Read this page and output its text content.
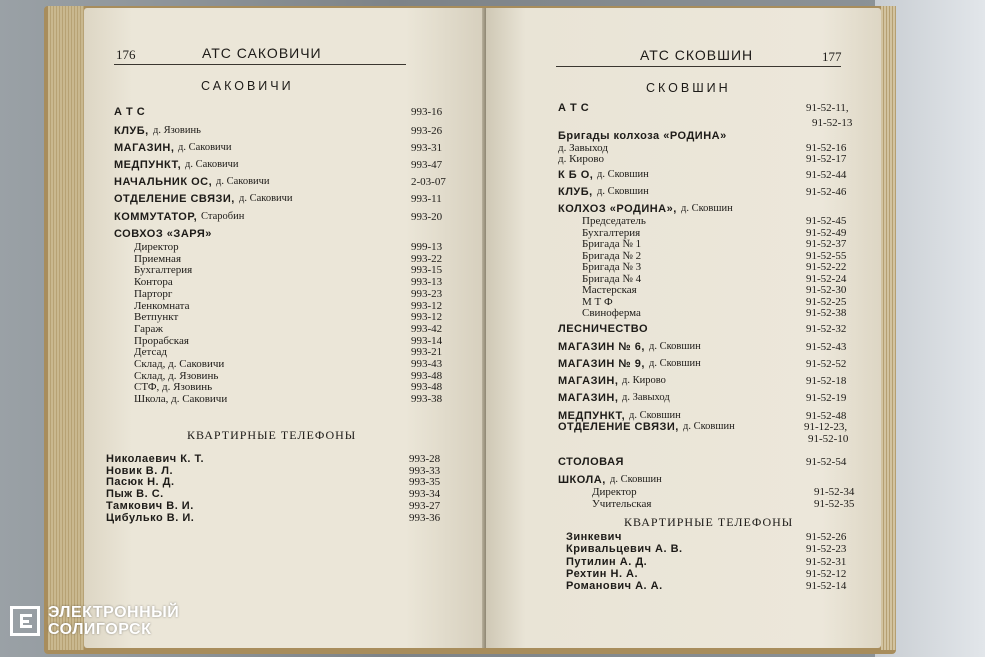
176	АТС САКОВИЧИ
САКОВИЧИ
А Т С	993-16
КЛУБ, д. Язовинь	993-26
МАГАЗИН, д. Саковичи	993-31
МЕДПУНКТ, д. Саковичи	993-47
НАЧАЛЬНИК ОС, д. Саковичи	2-03-07
ОТДЕЛЕНИЕ СВЯЗИ, д. Саковичи	993-11
КОММУТАТОР, Старобин	993-20
СОВХОЗ «ЗАРЯ»
Директор	999-13
Приемная	993-22
Бухгалтерия	993-15
Контора	993-13
Парторг	993-23
Ленкомната	993-12
Ветпункт	993-12
Гараж	993-42
Прорабская	993-14
Детсад	993-21
Склад, д. Саковичи	993-43
Склад, д. Язовинь	993-48
СТФ, д. Язовинь	993-48
Школа, д. Саковичи	993-38
КВАРТИРНЫЕ ТЕЛЕФОНЫ
Николаевич К. Т.	993-28
Новик В. Л.	993-33
Пасюк Н. Д.	993-35
Пыж В. С.	993-34
Тамкович В. И.	993-27
Цибулько В. И.	993-36
АТС СКОВШИН	177
СКОВШИН
А Т С	91-52-11,
91-52-13
Бригады колхоза «РОДИНА»
д. Завыход	91-52-16
д. Кирово	91-52-17
К Б О, д. Сковшин	91-52-44
КЛУБ, д. Сковшин	91-52-46
КОЛХОЗ «РОДИНА», д. Сковшин
Председатель	91-52-45
Бухгалтерия	91-52-49
Бригада № 1	91-52-37
Бригада № 2	91-52-55
Бригада № 3	91-52-22
Бригада № 4	91-52-24
Мастерская	91-52-30
М Т Ф	91-52-25
Свиноферма	91-52-38
ЛЕСНИЧЕСТВО	91-52-32
МАГАЗИН № 6, д. Сковшин	91-52-43
МАГАЗИН № 9, д. Сковшин	91-52-52
МАГАЗИН, д. Кирово	91-52-18
МАГАЗИН, д. Завыход	91-52-19
МЕДПУНКТ, д. Сковшин	91-52-48
ОТДЕЛЕНИЕ СВЯЗИ, д. Сковшин	91-12-23,
91-52-10
СТОЛОВАЯ	91-52-54
ШКОЛА, д. Сковшин
Директор	91-52-34
Учительская	91-52-35
КВАРТИРНЫЕ ТЕЛЕФОНЫ
Зинкевич	91-52-26
Кривальцевич А. В.	91-52-23
Путилин А. Д.	91-52-31
Рехтин Н. А.	91-52-12
Романович А. А.	91-52-14
ЭЛЕКТРОННЫЙ
СОЛИГОРСК
